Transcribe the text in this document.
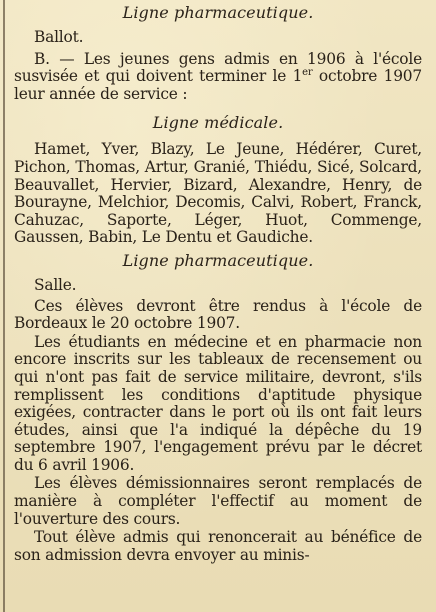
Ligne pharmaceutique.

Ballot.

B. — Les jeunes gens admis en 1906 à l'école susvisée et qui doivent terminer le 1er octobre 1907 leur année de service :

Ligne médicale.

Hamet, Yver, Blazy, Le Jeune, Hédérer, Curet, Pichon, Thomas, Artur, Granié, Thiédu, Sicé, Solcard, Beauvallet, Hervier, Bizard, Alexandre, Henry, de Bourayne, Melchior, Decomis, Calvi, Robert, Franck, Cahuzac, Saporte, Léger, Huot, Commenge, Gaussen, Babin, Le Dentu et Gaudiche.

Ligne pharmaceutique.

Salle.

Ces élèves devront être rendus à l'école de Bordeaux le 20 octobre 1907.

Les étudiants en médecine et en pharmacie non encore inscrits sur les tableaux de recensement ou qui n'ont pas fait de service militaire, devront, s'ils remplissent les conditions d'aptitude physique exigées, contracter dans le port où ils ont fait leurs études, ainsi que l'a indiqué la dépêche du 19 septembre 1907, l'engagement prévu par le décret du 6 avril 1906.

Les élèves démissionnaires seront remplacés de manière à compléter l'effectif au moment de l'ouverture des cours.

Tout élève admis qui renoncerait au bénéfice de son admission devra envoyer au minis-
